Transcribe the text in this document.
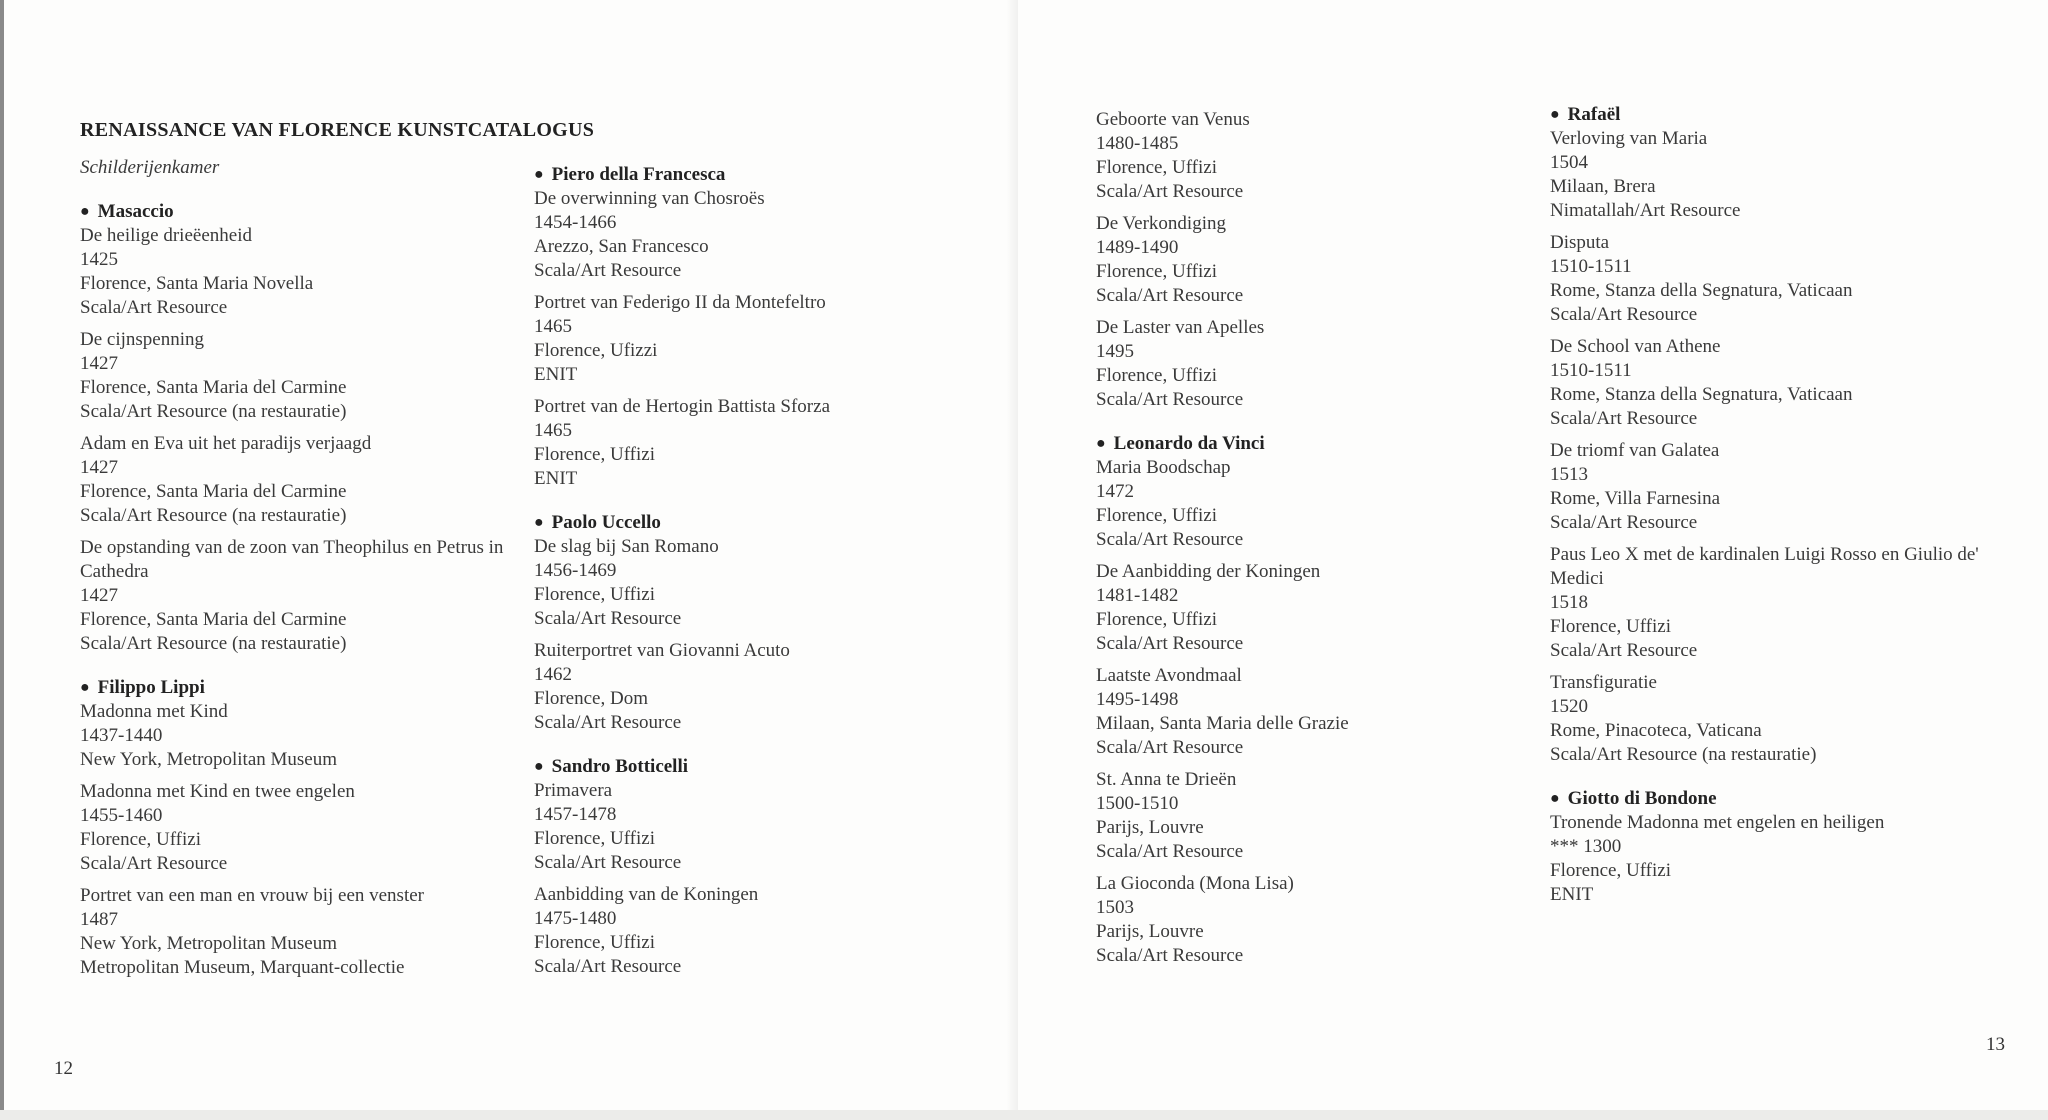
RENAISSANCE VAN FLORENCE KUNSTCATALOGUS
Schilderijenkamer
● Masaccio
De heilige drieëenheid
1425
Florence, Santa Maria Novella
Scala/Art Resource
De cijnspenning
1427
Florence, Santa Maria del Carmine
Scala/Art Resource (na restauratie)
Adam en Eva uit het paradijs verjaagd
1427
Florence, Santa Maria del Carmine
Scala/Art Resource (na restauratie)
De opstanding van de zoon van Theophilus en Petrus in Cathedra
1427
Florence, Santa Maria del Carmine
Scala/Art Resource (na restauratie)
● Filippo Lippi
Madonna met Kind
1437-1440
New York, Metropolitan Museum
Madonna met Kind en twee engelen
1455-1460
Florence, Uffizi
Scala/Art Resource
Portret van een man en vrouw bij een venster
1487
New York, Metropolitan Museum
Metropolitan Museum, Marquant-collectie
● Piero della Francesca
De overwinning van Chosroës
1454-1466
Arezzo, San Francesco
Scala/Art Resource
Portret van Federigo II da Montefeltro
1465
Florence, Ufizzi
ENIT
Portret van de Hertogin Battista Sforza
1465
Florence, Uffizi
ENIT
● Paolo Uccello
De slag bij San Romano
1456-1469
Florence, Uffizi
Scala/Art Resource
Ruiterportret van Giovanni Acuto
1462
Florence, Dom
Scala/Art Resource
● Sandro Botticelli
Primavera
1457-1478
Florence, Uffizi
Scala/Art Resource
Aanbidding van de Koningen
1475-1480
Florence, Uffizi
Scala/Art Resource
12
Geboorte van Venus
1480-1485
Florence, Uffizi
Scala/Art Resource
De Verkondiging
1489-1490
Florence, Uffizi
Scala/Art Resource
De Laster van Apelles
1495
Florence, Uffizi
Scala/Art Resource
● Leonardo da Vinci
Maria Boodschap
1472
Florence, Uffizi
Scala/Art Resource
De Aanbidding der Koningen
1481-1482
Florence, Uffizi
Scala/Art Resource
Laatste Avondmaal
1495-1498
Milaan, Santa Maria delle Grazie
Scala/Art Resource
St. Anna te Drieën
1500-1510
Parijs, Louvre
Scala/Art Resource
La Gioconda (Mona Lisa)
1503
Parijs, Louvre
Scala/Art Resource
● Rafaël
Verloving van Maria
1504
Milaan, Brera
Nimatallah/Art Resource
Disputa
1510-1511
Rome, Stanza della Segnatura, Vaticaan
Scala/Art Resource
De School van Athene
1510-1511
Rome, Stanza della Segnatura, Vaticaan
Scala/Art Resource
De triomf van Galatea
1513
Rome, Villa Farnesina
Scala/Art Resource
Paus Leo X met de kardinalen Luigi Rosso en Giulio de' Medici
1518
Florence, Uffizi
Scala/Art Resource
Transfiguratie
1520
Rome, Pinacoteca, Vaticana
Scala/Art Resource (na restauratie)
● Giotto di Bondone
Tronende Madonna met engelen en heiligen
*** 1300
Florence, Uffizi
ENIT
13
